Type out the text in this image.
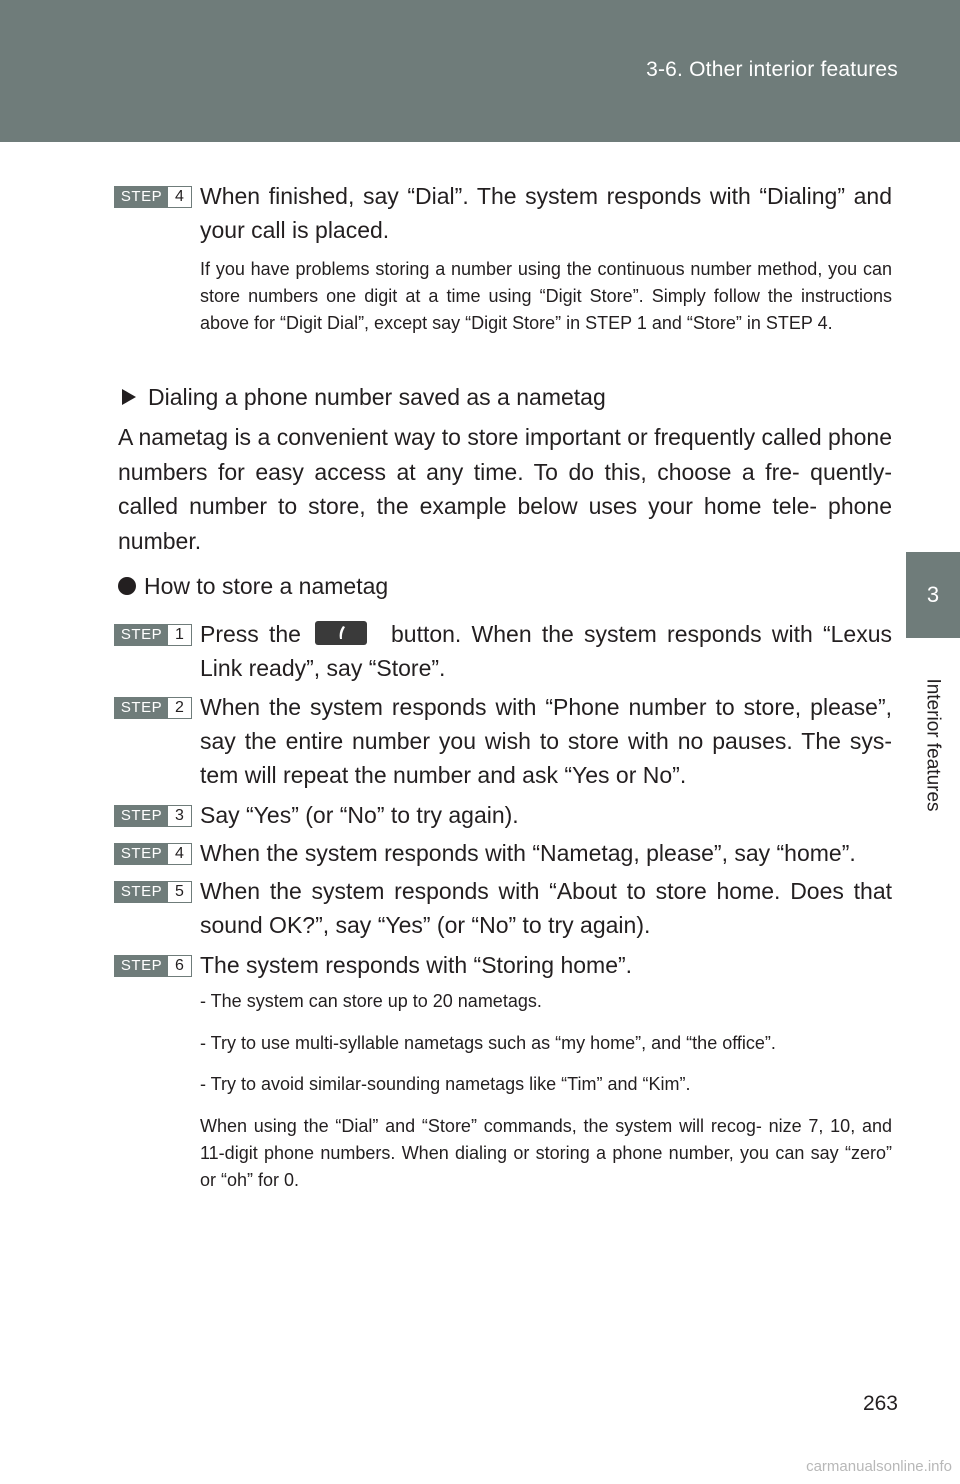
3-6. Other interior features
3
Interior features
STEP 4 When finished, say “Dial”. The system responds with “Dialing” and your call is placed.
If you have problems storing a number using the continuous number method, you can store numbers one digit at a time using “Digit Store”. Simply follow the instructions above for “Digit Dial”, except say “Digit Store” in STEP 1 and “Store” in STEP 4.
Dialing a phone number saved as a nametag
A nametag is a convenient way to store important or frequently called phone numbers for easy access at any time. To do this, choose a fre- quently-called number to store, the example below uses your home tele- phone number.
How to store a nametag
STEP 1 Press the	button. When the system responds with “Lexus Link ready”, say “Store”.
STEP 2 When the system responds with “Phone number to store, please”, say the entire number you wish to store with no pauses. The sys- tem will repeat the number and ask “Yes or No”.
STEP 3 Say “Yes” (or “No” to try again).
STEP 4 When the system responds with “Nametag, please”, say “home”.
STEP 5 When the system responds with “About to store home. Does that sound OK?”, say “Yes” (or “No” to try again).
STEP 6 The system responds with “Storing home”.
- The system can store up to 20 nametags.
- Try to use multi-syllable nametags such as “my home”, and “the office”.
- Try to avoid similar-sounding nametags like “Tim” and “Kim”.
When using the “Dial” and “Store” commands, the system will recog- nize 7, 10, and 11-digit phone numbers. When dialing or storing a phone number, you can say “zero” or “oh” for 0.
263
carmanualsonline.info
